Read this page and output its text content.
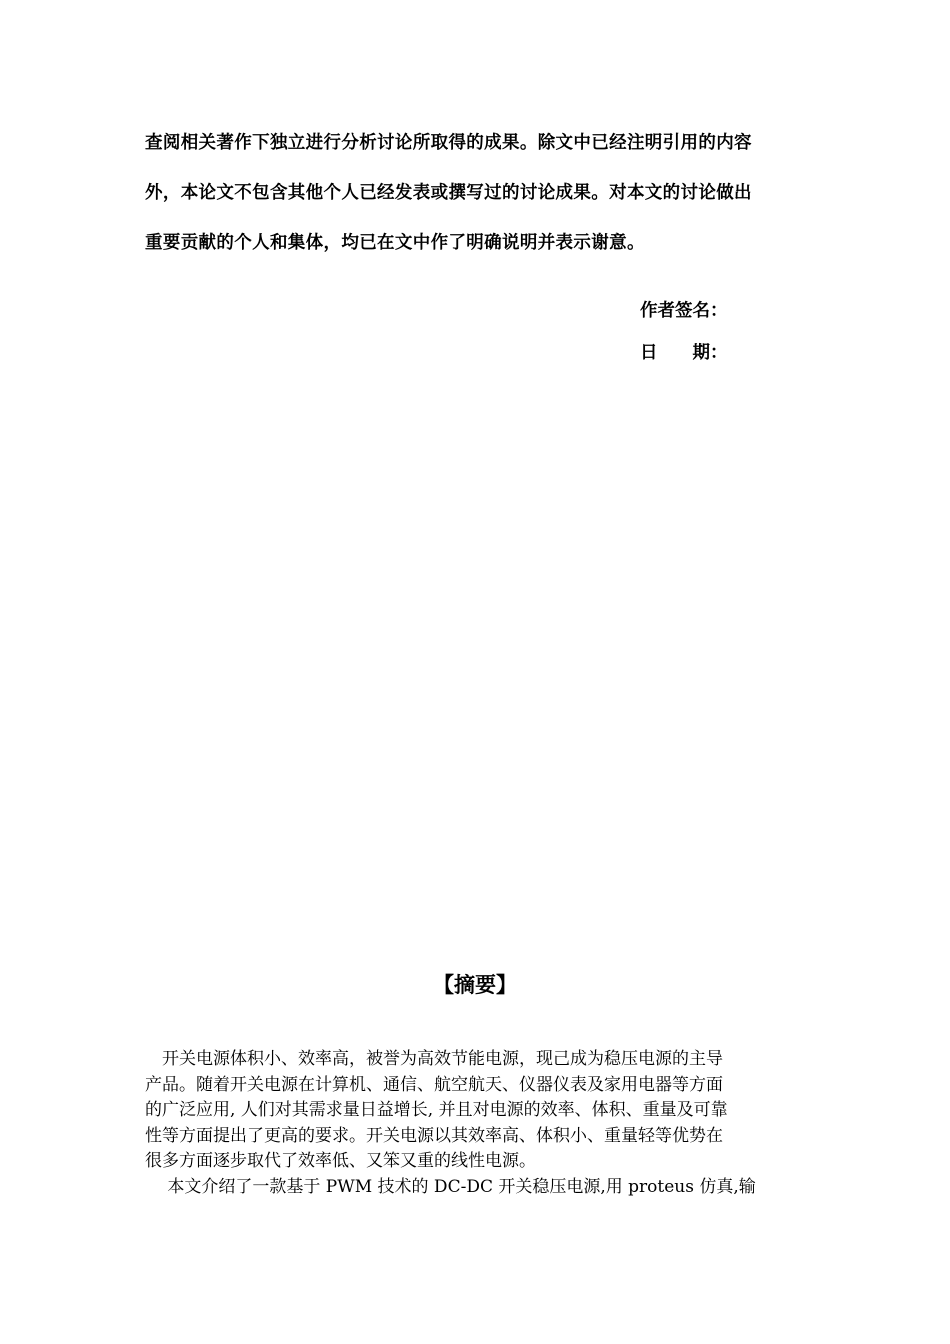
查阅相关著作下独立进行分析讨论所取得的成果。除文中已经注明引用的内容
外，本论文不包含其他个人已经发表或撰写过的讨论成果。对本文的讨论做出
重要贡献的个人和集体，均已在文中作了明确说明并表示谢意。
作者签名：
日　　期：
【摘要】
　开关电源体积小、效率高，被誉为高效节能电源，现己成为稳压电源的主导
产品。随着开关电源在计算机、通信、航空航天、仪器仪表及家用电器等方面
的广泛应用, 人们对其需求量日益增长, 并且对电源的效率、体积、重量及可靠
性等方面提出了更高的要求。开关电源以其效率高、体积小、重量轻等优势在
很多方面逐步取代了效率低、又笨又重的线性电源。
　 本文介绍了一款基于 PWM 技术的 DC-DC 开关稳压电源,用 proteus 仿真,输
